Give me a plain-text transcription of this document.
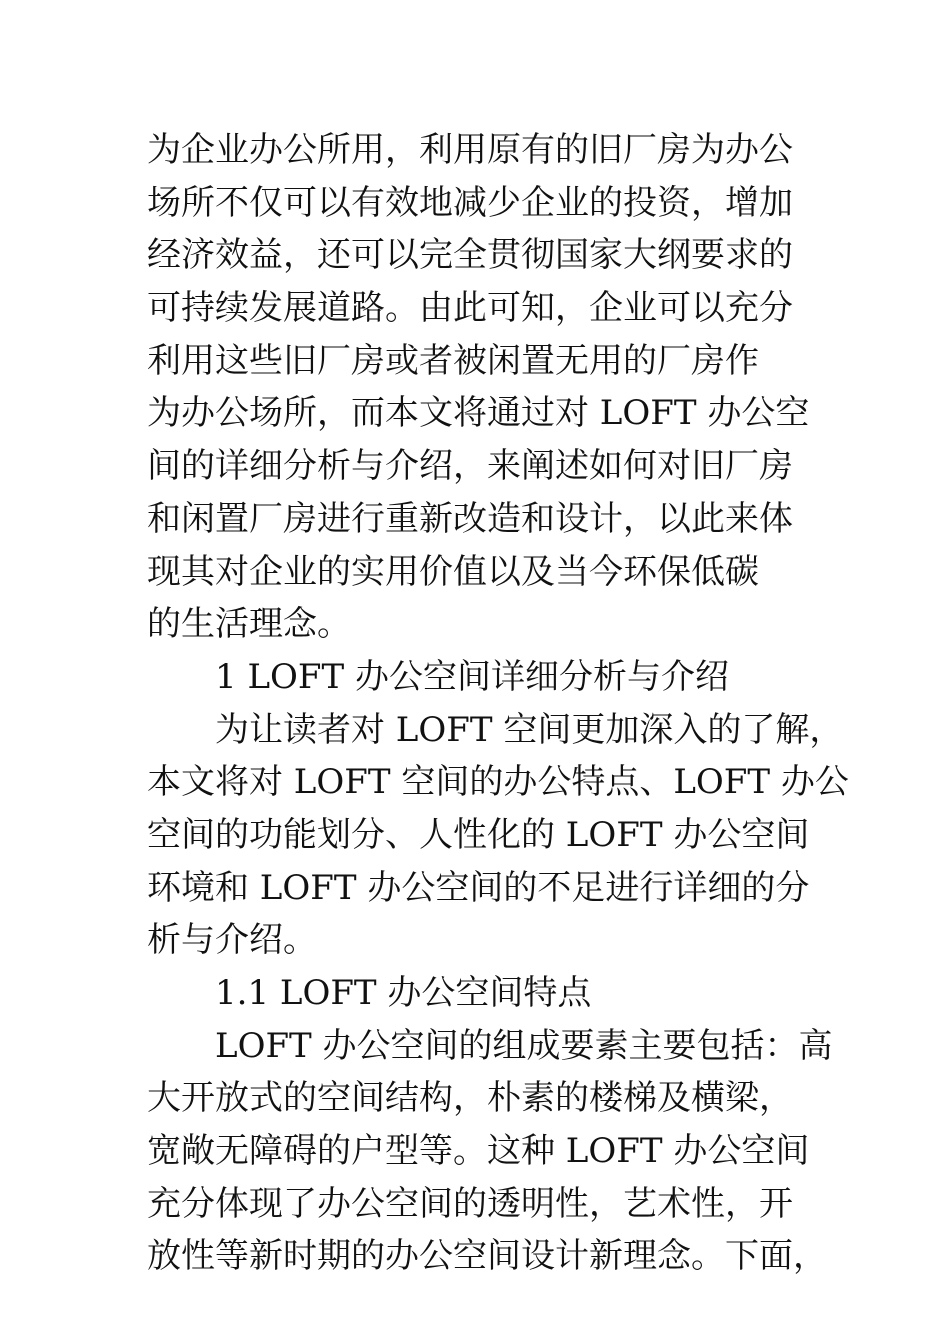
为企业办公所用，利用原有的旧厂房为办公
场所不仅可以有效地减少企业的投资，增加
经济效益，还可以完全贯彻国家大纲要求的
可持续发展道路。由此可知，企业可以充分
利用这些旧厂房或者被闲置无用的厂房作
为办公场所，而本文将通过对 LOFT 办公空
间的详细分析与介绍，来阐述如何对旧厂房
和闲置厂房进行重新改造和设计，以此来体
现其对企业的实用价值以及当今环保低碳
的生活理念。
1 LOFT 办公空间详细分析与介绍
为让读者对 LOFT 空间更加深入的了解，
本文将对 LOFT 空间的办公特点、LOFT 办公
空间的功能划分、人性化的 LOFT 办公空间
环境和 LOFT 办公空间的不足进行详细的分
析与介绍。
1.1 LOFT 办公空间特点
LOFT 办公空间的组成要素主要包括：高
大开放式的空间结构，朴素的楼梯及横梁，
宽敞无障碍的户型等。这种 LOFT 办公空间
充分体现了办公空间的透明性，艺术性，开
放性等新时期的办公空间设计新理念。下面，
